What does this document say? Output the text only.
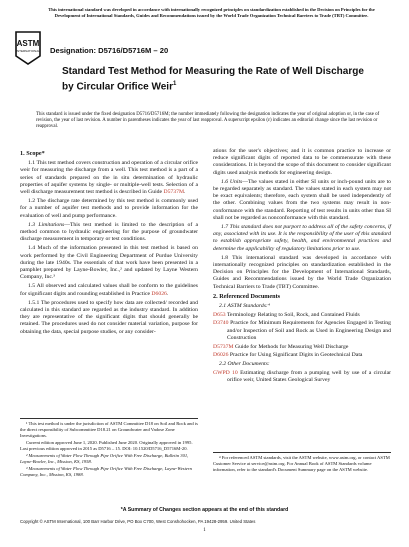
This international standard was developed in accordance with internationally recognized principles on standardization established in the Decision on Principles for the Development of International Standards, Guides and Recommendations issued by the World Trade Organization Technical Barriers to Trade (TBT) Committee.
ASTM
INTERNATIONAL Designation: D5716/D5716M – 20
Standard Test Method for Measuring the Rate of Well Discharge by Circular Orifice Weir$^1$
This standard is issued under the fixed designation D5716/D5716M; the number immediately following the designation indicates the year of original adoption or, in the case of revision, the year of last revision. A number in parentheses indicates the year of last reapproval. A superscript epsilon (ε) indicates an editorial change since the last revision or reapproval.
1. Scope*

1.1 This test method covers construction and operation of a circular orifice weir for measuring the discharge from a well. This test method is a part of a series of standards prepared on the in situ determination of hydraulic properties of aquifer systems by single- or multiple-well tests. Selection of a well discharge measurement test method is described in Guide D5737M.

1.2 The discharge rate determined by this test method is commonly used for a number of aquifer test methods and to provide information for the evaluation of well and pump performance.

1.3 Limitations—This test method is limited to the description of a method common to hydraulic engineering for the purpose of groundwater discharge measurement in temporary or test conditions.

1.4 Much of the information presented in this test method is based on work performed by the Civil Engineering Department of Purdue University during the late 1940s. The essentials of that work have been presented in a pamphlet prepared by Layne-Bowler, Inc.,² and updated by Layne Western Company, Inc.³

1.5 All observed and calculated values shall be conform to the guidelines for significant digits and rounding established in Practice D6026.

1.5.1 The procedures used to specify how data are collected/ recorded and calculated in this standard are regarded as the industry standard. In addition they are representative of the significant digits that should generally be retained. The procedures used do not consider material variation, purpose for obtaining the data, special purpose studies, or any consider-

¹ This test method is under the jurisdiction of ASTM Committee D18 on Soil and Rock and is the direct responsibility of Subcommittee D18.21 on Groundwater and Vadose Zone Investigations.

Current edition approved June 1, 2020. Published June 2020. Originally approved in 1995. Last previous edition approved in 2015 as D5716 – 15. DOI: 10.1520/D5716_D5716M-20.

² Measurements of Water Flow Through Pipe Orifice With Free Discharge, Bulletin 301, Layne-Bowler, Inc., Mission, KS, 1958.

³ Measurements of Water Flow Through Pipe Orifice With Free Discharge, Layne-Western Company, Inc., Mission, KS, 1988.

ations for the user's objectives; and it is common practice to increase or reduce significant digits of reported data to be commensurate with these considerations. It is beyond the scope of this document to consider significant digits used analysis methods for engineering design.

1.6 Units—The values stated in either SI units or inch-pound units are to be regarded separately as standard. The values stated in each system may not be exact equivalents; therefore, each system shall be used independently of the other. Combining values from the two systems may result in non-conformance with the standard. Reporting of test results in units other than SI shall not be regarded as nonconformance with this standard.

1.7 This standard does not purport to address all of the safety concerns, if any, associated with its use. It is the responsibility of the user of this standard to establish appropriate safety, health, and environmental practices and determine the applicability of regulatory limitations prior to use.

1.8 This international standard was developed in accordance with internationally recognized principles on standardization established in the Decision on Principles for the Development of International Standards, Guides and Recommendations issued by the World Trade Organization Technical Barriers to Trade (TBT) Committee.

2. Referenced Documents
2.1 ASTM Standards:⁴
D653 Terminology Relating to Soil, Rock, and Contained Fluids
D3740 Practice for Minimum Requirements for Agencies Engaged in Testing and/or Inspection of Soil and Rock as Used in Engineering Design and Construction
D5737M Guide for Methods for Measuring Well Discharge
D6026 Practice for Using Significant Digits in Geotechnical Data
2.2 Other Documents:
GWPD 10 Estimating discharge from a pumping well by use of a circular orifice weir, United States Geological Survey

⁴ For referenced ASTM standards, visit the ASTM website, www.astm.org, or contact ASTM Customer Service at service@astm.org. For Annual Book of ASTM Standards volume information, refer to the standard's Document Summary page on the ASTM website.

*A Summary of Changes section appears at the end of this standard
Copyright © ASTM International, 100 Barr Harbor Drive, PO Box C700, West Conshohocken, PA 19428-2959. United States
1
